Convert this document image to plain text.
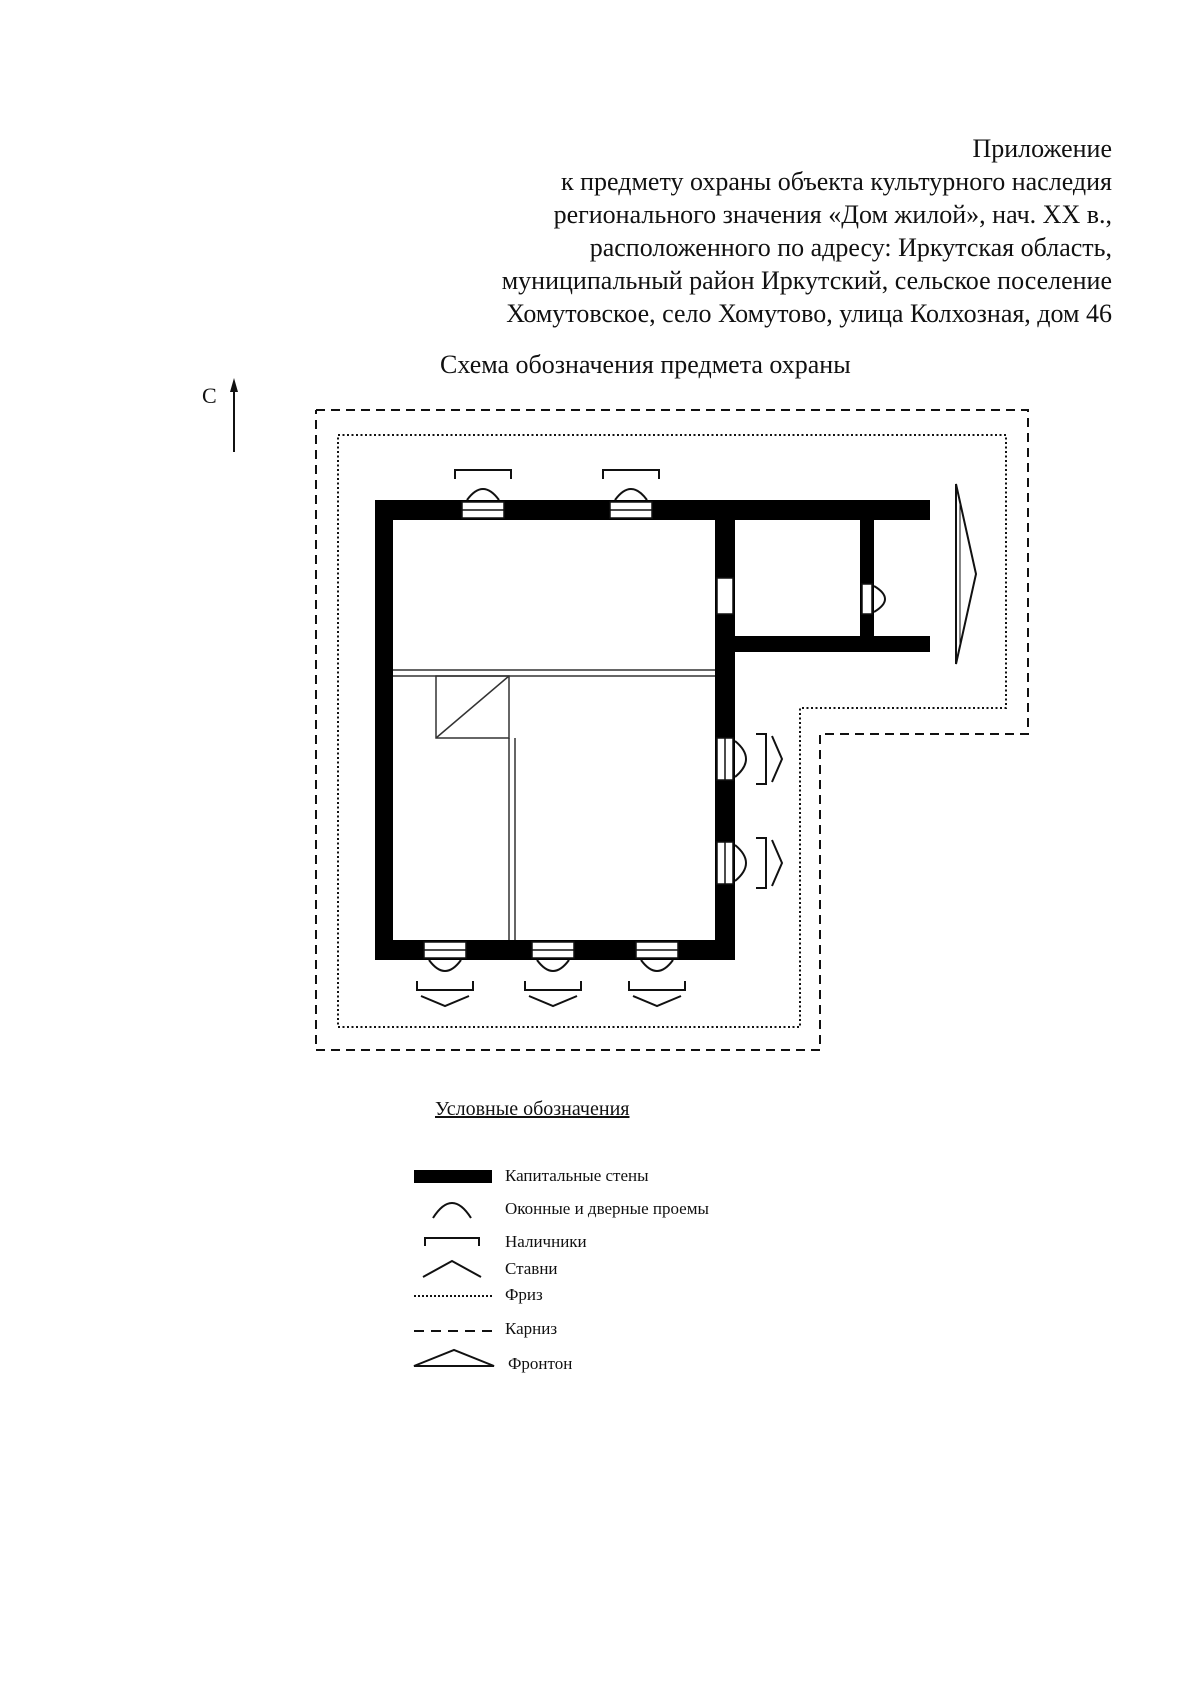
Приложение
к предмету охраны объекта культурного наследия
регионального значения «Дом жилой», нач. XX в.,
расположенного по адресу: Иркутская область,
муниципальный район Иркутский, сельское поселение
Хомутовское, село Хомутово, улица Колхозная, дом 46
Схема обозначения предмета охраны
С
Условные обозначения
Капитальные стены
Оконные и дверные проемы
Наличники
Ставни
Фриз
Карниз
Фронтон
